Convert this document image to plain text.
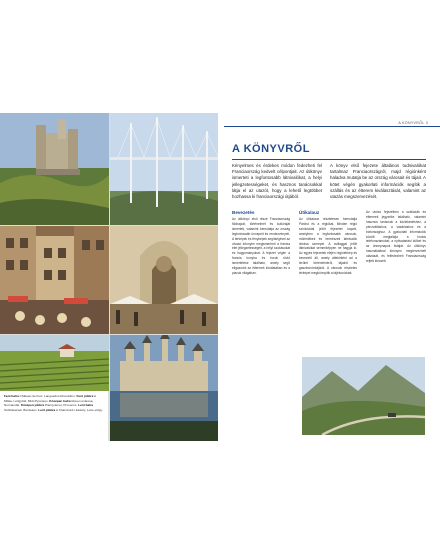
Fent balra Château de Foix, Languedoc-Roussillon. Fent jobbra A Millau-i völgyhíd, Midi-Pyrénées. Középen balra Rouen óvárosa, Normandia. Középen jobbra Piaci jelenet, Provence. Lent balra Szőlőskertek, Bordeaux. Lent jobbra A Chambord-i kastély, Loire-völgy.
A KÖNYVRŐL 3
A KÖNYVRŐL
Kényelmes és érdekes módon fedezheti fel Franciaország kedvelt célpontjait. Az útikönyv ismerteti a legfontosabb látnivalókat, a helyi jellegzetességeket, és hasznos tanácsokkal látja el az utazót, hogy a lehető legtöbbet hozhassa ki franciaországi útjából.
A könyv első fejezete általános tudnivalókat tartalmaz Franciaországról, majd régiónként haladva mutatja be az ország városait és tájait. A kötet végén gyakorlati információk segítik a szállás és az étterem kiválasztását, valamint az utazás megszervezését.
Bevezetés
Az útikönyv első része Franciaország földrajzát, történelmét és kultúráját ismerteti, valamint bemutatja az ország legfontosabb ünnepeit és rendezvényeit. A térképek és fényképek segítségével az olvasó könnyen megismerheti a francia élet jellegzetességeit, a helyi szokásokat és hagyományokat. A fejezet végén a francia konyha és borok rövid ismertetése található, amely segít eligazodni az éttermek kínálatában és a piacok világában.
Útikalauz
Az útikalauz részletesen bemutatja Párizst és a régiókat. Minden régió színkóddal jelölt fejezetet kapott, amelyben a legfontosabb városok, műemlékek és természeti látnivalók leírása szerepel. A csillaggal jelölt látnivalókat semmiképpen ne hagyja ki. Az egyes fejezetek elején régiótérkép és bevezető áll, amely áttekintést ad a terület történelméről, tájairól és gasztronómiájáról. A városok részletes térképei megkönnyítik a tájékozódást.
Az utolsó fejezetben a szállodák és éttermek jegyzéke található, valamint hasznos tanácsok a közlekedéshez, a pénzváltáshoz, a vásárláshoz és a biztonsághoz. A gyakorlati információk között megtalálja a fontos telefonszámokat, a nyitvatartási időket és az ünnepnapok listáját. Az útikönyv használatával könnyen megtervezheti utazását, és felfedezheti Franciaország rejtett kincseit.
